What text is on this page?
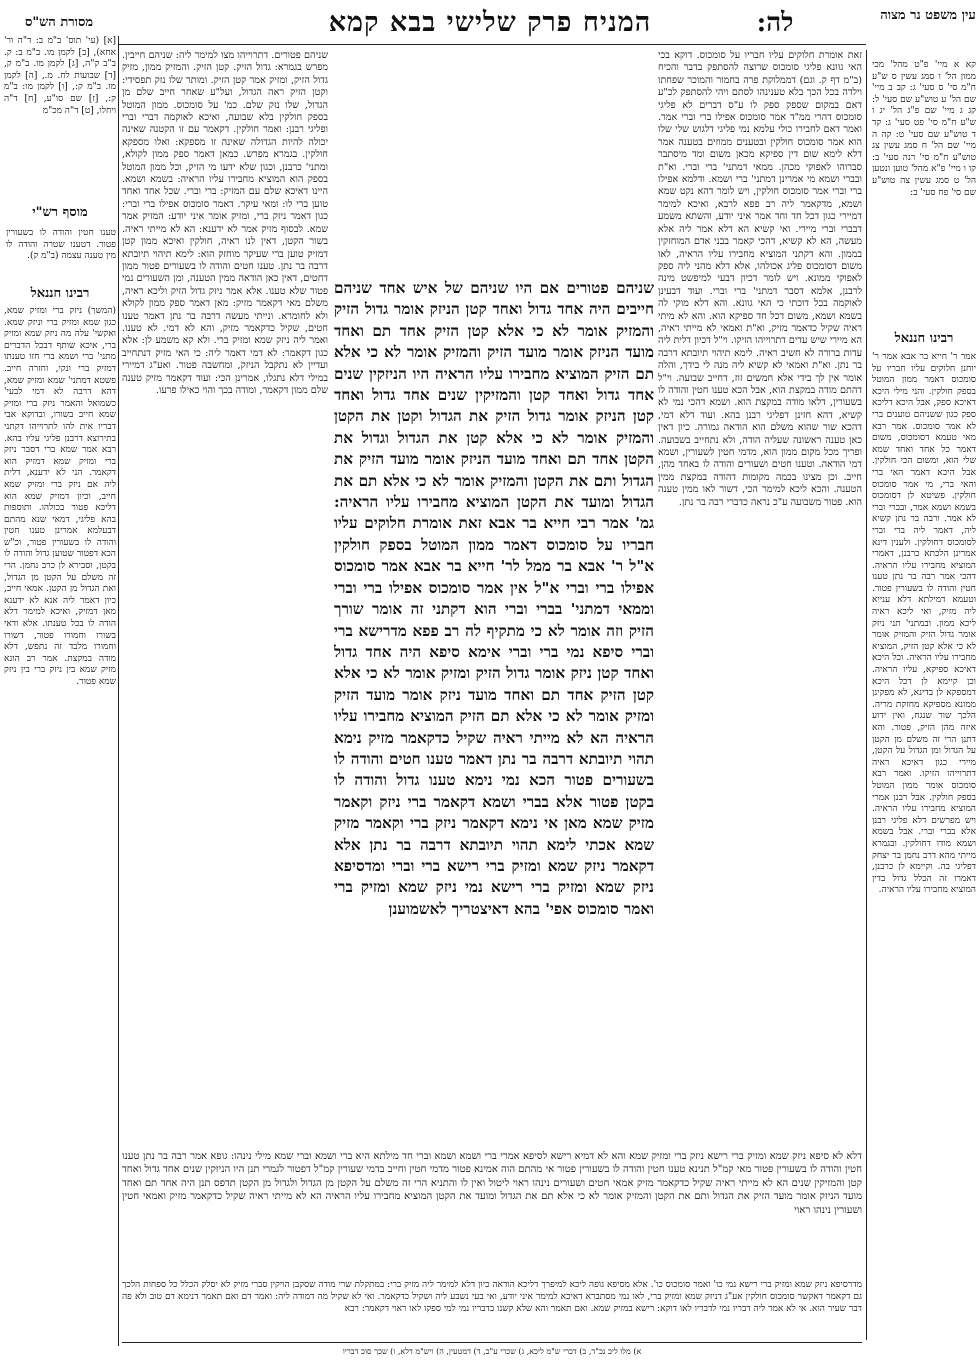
עין משפט נר מצוה
לה:
המניח פרק שלישי בבא קמא
מסורת הש"ס
קא א מיי' פ"ט מהל' מכי ממון הל' ו סמג עשין ס ש"ע ח"מ סי' ס סעי' ג: קב ב מיי' שם הל' ע טוש"ע שם סעי' ל: קג ג מיי' שם פ"ג הל' יג ו ש"ע ח"מ סי' פט סעי' ג: קד ד טוש"ע שם סעי' ט: קה ה מיי' שם הל' ח סמג עשין צג טוש"ע ח"מ סי' רנה סעי' ב: קו ו מיי' פ"א מהל' טוען ונטען הל' ט סמג עשין צה טוש"ע שם סי' פח סעי' ב:
רבינו חננאל
אמר ר' חייא בר אבא אמר ר' יוחנן חלוקים עליו חבריו על סומכוס דאמר ממון המוטל בספק חולקין. והני מילי היכא דאיכא ספק, אבל היכא דליכא ספק כגון ששניהם טוענים ברי לא אמר סומכוס. אמר רבא מאי טעמא דסומכוס, משום דאמר כל אחד ואחד שמא שלי הוא, ומשום הכי חולקין. אבל היכא דאמר האי ברי והאי ברי, מי אמר סומכוס חולקין. פשיטא לן דסומכוס בשמא ושמא אמר, ובברי וברי לא אמר. ורבה בר נתן קשיא ליה, דאמר ליה ברי וברי לסומכוס דחולקין. ולענין דינא אמרינן הלכתא כרבנן, דאמרי המוציא מחבירו עליו הראיה. דהכי אמר רבה בר נתן טענו חטין והודה לו בשעורין פטור. וטעמא דמילתא דלא ענייא ליה מזיק, ואי ליכא ראיה ליכא ממון. ובמתני' תני ניזק אומר גדול הזיק והמזיק אומר לא כי אלא קטן הזיק, המוציא מחבירו עליו הראיה. וכל היכא דאיכא ספיקא, עליו הראיה. וכן קיימא לן דכל היכא דמספקא לן בדינא, לא מפקינן ממונא מספיקא מחזקת מריה. הלכך שור שנגח, ואין ידוע איזה מהן הזיק, פטור. והא דתנן הרי זה משלם מן הקטן על הגדול ומן הגדול על הקטן, מיירי כגון דאיכא ראיה דתרוייהו הזיקו. ואמר רבא סומכוס אומר ממון המוטל בספק חולקין. אבל רבנן אמרי המוציא מחבירו עליו הראיה. ויש מפרשים דלא פליגי רבנן אלא בברי וברי. אבל בשמא ושמא מודו דחולקין. ובגמרא מייתי מהא דרב נחמן בר יצחק דפליגי בה. וקיימא לן כרבנן, דאמרו זה הכלל גדול בדין המוציא מחבירו עליו הראיה.
[א] (עי' תוס' ב"מ ב: ד"ה ור' אחא), [ב] לקמן מו. ב"מ ב: ק. ב"ב ק"ה, [ג] לקמן מו. ב"מ ק, [ד] שבועות לח. מ., [ה] לקמן מו. ב"מ ק:, [ו] לקמן מו: ב"מ ק:, [ז] שם סו"ע, [ח] ד"ה ויחלו, [ט] ד"ה מכ"מ
מוסף רש"י
טענו חטין והודה לו בשעורין פטור. דטענו שטרה והודה לו מין טענה עצמה (ב"מ ק).
רבינו חננאל
(המשך) ניזק ברי ומזיק שמא, כגון שמא ומזיק ברי וניזק שמא. ואקשי' עלה מה ניזק שמא ומזיק ברי, איכא שותף דבכל הדברים מתני' ברי ושמא ברי חזו טענתו דמזיק ברי ונקי, וחזרה חייב. פשטא דמתני' שמא ומזיק שמא, דהא דרבה לא דמי לבעי' כשמואל והאמר ניזק ברי ומזיק שמא חייב בשורו, ובדוקא אבי דבריו אית להו לתרוייהו דקתני בתירוצא דרבנן פליגי עליו בהא. רבא אמר שמא ברי דסבר ניזק ברי ומזיק שמא דמזיק הוא דקאמר. הני לא ידענא, דלית ליה אם ניזק ברי ומזיק שמא חייב, וכיון דמזיק שמא הוא דליכא פטור בכולהו. ותוספות בהא פליגי, דמאי שנא מהתם דבעלמא אמרינן טענו חטין והודה לו בשעורין פטור, וכ"ש הכא דפטור שטוען גדול והודה לו בקטן, וסבירא לן כרב נחמן. הרי זה משלם על הקטן מן הגדול, ואת הגדול מן הקטן. אמאי חייב, כיון דאמר ליה אנא לא ידענא מאן דמזיק, ואיכא למימר דלא הודה לו בכל טענתו. אלא ודאי בשורו וחמורו פטור, דשורו וחמורו מלבד זה נתפש, דלא מודה במקצת. אמר רב הונא מזיק שמא בין ניזק ברי בין ניזק שמא פטור.
זאת אומרת חלוקים עליו חבריו על סומכוס. דוקא בכי האי גוונא פליגי סומכוס שרוצה להסתפק בדבר והכיח (ב"מ דף ק. וגם) דממלוקת פרה בחמור והמוכר שפחתו וילדה בכל הכך בלא טענינהו לסתם ויהי להסתפק לכ"ע דאם במקום שספק ספק לו ע"ס דברים לא פליגי סומכוס דהרי ממ"ד אמר סומכוס אפילו ברי וברי אמר. ואמר דאם לחבירו כולי עלמא נמי פליגי דלגוש שלי שלו הוא אמר סומכוס חולקין ובטענים ממוזים בטענה אמר דלא לימא שום דין ספיקא מכאן משום ומד מיסתבר סברוהו לאפוקי מכהן. ממאי דמתני' ברי וברי. וא"ת ובברי ושמא מי אמרינן דמתני' ברי ושמא. ודלמא אפילו ברי וברי אמר סומכוס חולקין, ויש לומר דהא נקט שמא ושמא, מדקאמר ליה רב פפא לרבא, ואיכא למימר דמיירי כגון דכל חד וחד אמר איני יודע, והשתא משמע דבברי וברי מיירי. ואי קשיא הא דלא אמר ליה אלא מעשה, הא לא קשיא, דהכי קאמר בבני אדם המוחזקין בממון. והא דקתני המוציא מחבירו עליו הראיה, לאו משום דסומכוס פליג אכולהו, אלא דלא מהני ליה ספק לאפוקי ממונא. ויש לומר דכיון דבעי למיפשט מינה לרבנן, אלמא דסבר דמתני' ברי וברי. ועוד דבעינן לאוקמה בכל דוכתי כי האי גוונא. והא דלא מוקי לה בשמא ושמא, משום דכל חד ספיקא הוא. והא לא מיתי ראיה שקיל כדאמר מזיק, וא"ת ואמאי לא מייתי ראיה, הא מיירי שיש עדים דתרוייהו הזיקו. וי"ל דכיון דלית ליה עדות ברורה לא חשיב ראיה. לימא תיהוי תיובתא דרבה בר נתן. וא"ת ואמאי לא קשיא ליה מנה לי בידך, והלה אומר אין לך בידי אלא חמשים זוז, דחייב שבועה. וי"ל דהתם מודה במקצת הוא, אבל הכא טענו חטין והודה לו בשעורין, דלאו מודה במקצת הוא. ושמא דהכי נמי לא קשיא, דהא חזינן דפליגי רבנן בהא. ועוד דלא דמי, דהכא שור שהוא משלם הוא הודאה גמורה. כיון דאין כאן טענה ראשונה שעליה הודה, ולא נתחייב בשבועה. ופריך מכל מקום ממון הוא, מדמי חטין לשעורין, ושמא דמי הודאה. וטענו חטים ושעורים והודה לו באחד מהן, חייב. וכן מצינו בכמה מקומות דהודה במקצת ממין הטענה. והכא ליכא למימר הכי, דשור לאו ממין טענה הוא. פטור משבועה ע"כ נראה כדברי רבה בר נתן.
שניהם פטורים. דתרוייהו מצו למימר ליה: שניהם חייבין. מפרש בגמרא: גדול הזיק. קטן הזיק. והמזיק ממון, מזיק גדול הזיק, ומזיק אמר קטן הזיק. ומותר שלו נזק תפסידי: וקטן הזיק ראה הגדול, ועל"ע שאחר חייב שלם מן הגדול, שלו נזק שלם. כמ' על סומכוס. ממון המוטל בספק חולקין בלא שבועה, ואיכא לאוקמה דברי וברי ופליגי רבנן: ואמר חולקין. דקאמר עם זו הקטנה שאינה יכולה להיות הגדולה שאינה זו מספקא: ואלו מספקא חולקין. בגמרא מפרש. כמאן דאמר ספק ממון לקולא, ומתני' כרבנן, וכגון שלא ידעו מי הזיק, וכל ממון המוטל בספק הוא המוציא מחבירו עליו הראיה: בשמא ושמא. היינו דאיכא שלם עם המזיק: ברי וברי. שכל אחד ואחד טוען ברי לו: ומאי עיקר. דאמר סומכוס אפילו ברי וברי: כגון דאמר ניזק ברי, ומזיק אומר איני יודע: המזיק אמר שמא. לבסוף מזיק אמר לא ידענא: הא לא מייתי ראיה. בשור הקטן, דאין לנו ראיה, חולקין ואיכא ממון קטן דמזיק טוען ברי שעיקר מוחזק הוא: לימא תיהוי תיובתא דרבה בר נתן. טענו חטים והודה לו בשעורים פטור ממון דחטים, דאין כאן הודאה ממין הטענה, ומן השעורים נמי פטור שלא טענו. אלא אמר ניזק גדול הזיק וליכא ראיה, משלם מאי דקאמר מזיק: מאן דאמר ספק ממון לקולא ולא לחומרא. ונייתי מעשה דרבה בר נתן דאמר טענו חטים, שקיל כדקאמר מזיק, והא לא דמי. לא טענו. ואמר ליה ניזק שמא ומזיק ברי. ולא קא משמע לן: אלא כגון דקאמר: לא דמי דאמר ליה: כי האי מזיק דנתחייב ועדיין לא נתקבל הניזק, ומחשבה פטור. ואע"ג דמיירי במילי דלא נתגלו, אמרינן הכי: ועוד דקאמר מזיק טענה שלם ממון דקאמר, ומודה בכך והוי כאילו פרעו.
שניהם פטורים אם היו שניהם של איש אחד שניהם חייבים היה אחד גדול ואחד קטן הניזק אומר גדול הזיק והמזיק אומר לא כי אלא קטן הזיק אחד תם ואחד מועד הניזק אומר מועד הזיק והמזיק אומר לא כי אלא תם הזיק המוציא מחבירו עליו הראיה היו הניזקין שנים אחד גדול ואחד קטן והמזיקין שנים אחד גדול ואחד קטן הניזק אומר גדול הזיק את הגדול וקטן את הקטן והמזיק אומר לא כי אלא קטן את הגדול וגדול את הקטן אחד תם ואחד מועד הניזק אומר מועד הזיק את הגדול ותם את הקטן והמזיק אומר לא כי אלא תם את הגדול ומועד את הקטן המוציא מחבירו עליו הראיה: גמ' אמר רבי חייא בר אבא זאת אומרת חלוקים עליו חבריו על סומכוס דאמר ממון המוטל בספק חולקין א"ל ר' אבא בר ממל לר' חייא בר אבא אמר סומכוס אפילו ברי וברי א"ל אין אמר סומכוס אפילו ברי וברי וממאי דמתני' בברי וברי הוא דקתני זה אומר שורך הזיק וזה אומר לא כי מתקיף לה רב פפא מדרישא ברי וברי סיפא נמי ברי וברי אימא סיפא היה אחד גדול ואחד קטן ניזק אומר גדול הזיק ומזיק אומר לא כי אלא קטן הזיק אחד תם ואחד מועד ניזק אומר מועד הזיק ומזיק אומר לא כי אלא תם הזיק המוציא מחבירו עליו הראיה הא לא מייתי ראיה שקיל כדקאמר מזיק נימא תהוי תיובתא דרבה בר נתן דאמר טענו חטים והודה לו בשעורים פטור הכא נמי נימא טענו גדול והודה לו בקטן פטור אלא בברי ושמא דקאמר ברי ניזק וקאמר מזיק שמא מאן אי נימא דקאמר ניזק ברי וקאמר מזיק שמא אכתי לימא תהוי תיובתא דרבה בר נתן אלא דקאמר ניזק שמא ומזיק ברי רישא ברי וברי ומדסיפא ניזק שמא ומזיק ברי רישא נמי ניזק שמא ומזיק ברי ואמר סומכוס אפי' בהא דאיצטריך לאשמוענן
דלא לא סיפא ניזק שמא ומזיק ברי רישא ניזק ברי ומזיק שמא והא לא דמיא רישא לסיפא אמרי ברי ושמא ושמא וברי חד מילתא היא ברי ושמא וברי שמא מילי נינהו: גופא אמר רבה בר נתן טענו חטין והודה לו בשעורין פטור מאי קמ"ל תנינא טענו חטין והודה לו בשעורין פטור אי מהתם הוה אמינא פטור מדמי חטין וחייב בדמי שעורין קמ"ל דפטור לגמרי תנן היו הניזקין שנים אחד גדול ואחד קטן והמזיקין שנים הא לא מייתי ראיה שקיל כדקאמר מזיק אמאי חטים ושעורים נינהו ראוי ליטול ואין לו והתניא הרי זה משלם על הקטן מן הגדול ולגדול מן הקטן תדפס תנן היה אחד תם ואחד מועד הניזק אומר מועד הזיק את הגדול ותם את הקטן והמזיק אומר לא כי אלא תם את הגדול ומועד את הקטן המוציא מחבירו עליו הראיה הא לא מייתי ראיה שקיל כדקאמר מזיק ואמאי חטין ושעורין נינהו ראוי
מדרסיפא ניזק שמא ומזיק ברי רישא נמי כו' ואמר סומכוס כו'. אלא מסיפא גופה ליכא למיפרך דליכא הודאה כיון דלא למימר ליה מזיק ברי: במתקלת שרי מודה שסקבן הויקין סברי מזיק לא יסלק הכלל כל ספחות הלכך גם דקאמר דאקשר סומכוס חולקין אע"ג דניזק שמא ומזיק ברי, לאו נמי מסתברא דאיכא למימר איני יודע, ואי בעי נשבע ליה ושקיל כדקאמר. ואי לא שקיל מה דמודה ליה: ואמר דם ואם תאמר דנימא דם טוב ולא פה דבר שעיר הוא. אי לא אמר ליה דבריו נמי לדבריו לאו דוקא: רישא במזיק שמא. ואם תאמר והא שלא קשנו בדבריו נמי למי ספקו לאו ראוי דקאמר: רבא
א) מלו ליכ נכ"ד, ב) דכרי ש"מ ליכא, ג) שכרי ע"כ, ד) דמטעין, ה) ויש"מ דלא, ו) שכך סוכ דבריו
